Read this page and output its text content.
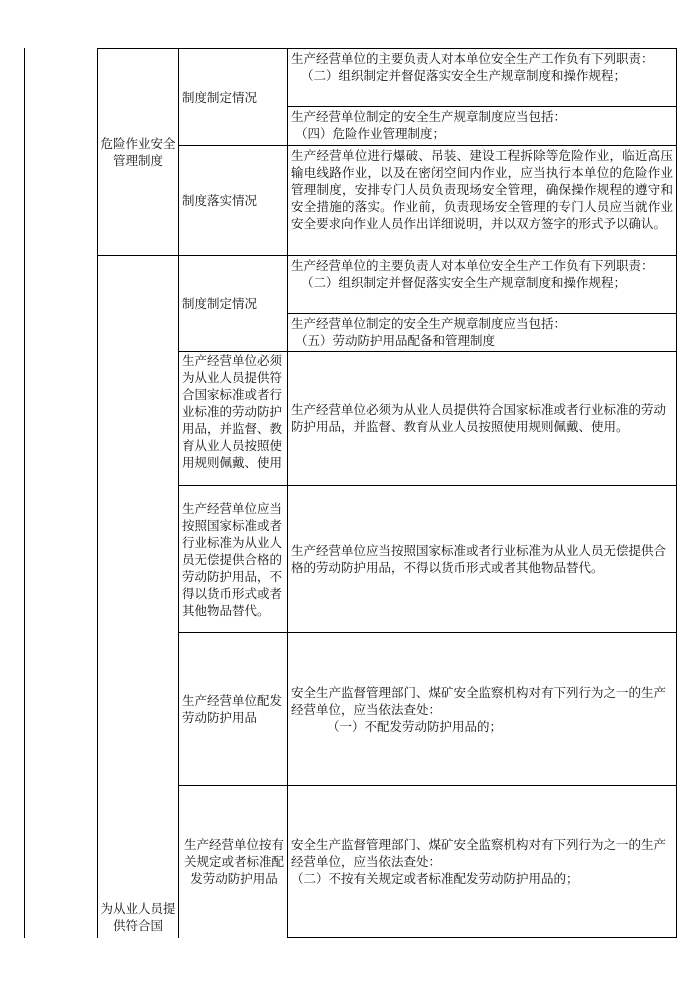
危险作业安全管理制度
制度制定情况

生产经营单位的主要负责人对本单位安全生产工作负有下列职责：

（二）组织制定并督促落实安全生产规章制度和操作规程；

生产经营单位制定的安全生产规章制度应当包括：

（四）危险作业管理制度；

制度落实情况

生产经营单位进行爆破、吊装、建设工程拆除等危险作业，临近高压输电线路作业，以及在密闭空间内作业，应当执行本单位的危险作业管理制度，安排专门人员负责现场安全管理，确保操作规程的遵守和安全措施的落实。作业前，负责现场安全管理的专门人员应当就作业安全要求向作业人员作出详细说明，并以双方签字的形式予以确认。

为从业人员提供符合国
制度制定情况

生产经营单位的主要负责人对本单位安全生产工作负有下列职责：

（二）组织制定并督促落实安全生产规章制度和操作规程；

生产经营单位制定的安全生产规章制度应当包括：

（五）劳动防护用品配备和管理制度

生产经营单位必须为从业人员提供符合国家标准或者行业标准的劳动防护用品，并监督、教育从业人员按照使用规则佩戴、使用

生产经营单位必须为从业人员提供符合国家标准或者行业标准的劳动防护用品，并监督、教育从业人员按照使用规则佩戴、使用。

生产经营单位应当按照国家标准或者行业标准为从业人员无偿提供合格的劳动防护用品，不得以货币形式或者其他物品替代。

生产经营单位应当按照国家标准或者行业标准为从业人员无偿提供合格的劳动防护用品，不得以货币形式或者其他物品替代。

生产经营单位配发劳动防护用品

安全生产监督管理部门、煤矿安全监察机构对有下列行为之一的生产经营单位，应当依法查处：

（一）不配发劳动防护用品的；

生产经营单位按有关规定或者标准配发劳动防护用品

安全生产监督管理部门、煤矿安全监察机构对有下列行为之一的生产经营单位，应当依法查处：

（二）不按有关规定或者标准配发劳动防护用品的；
